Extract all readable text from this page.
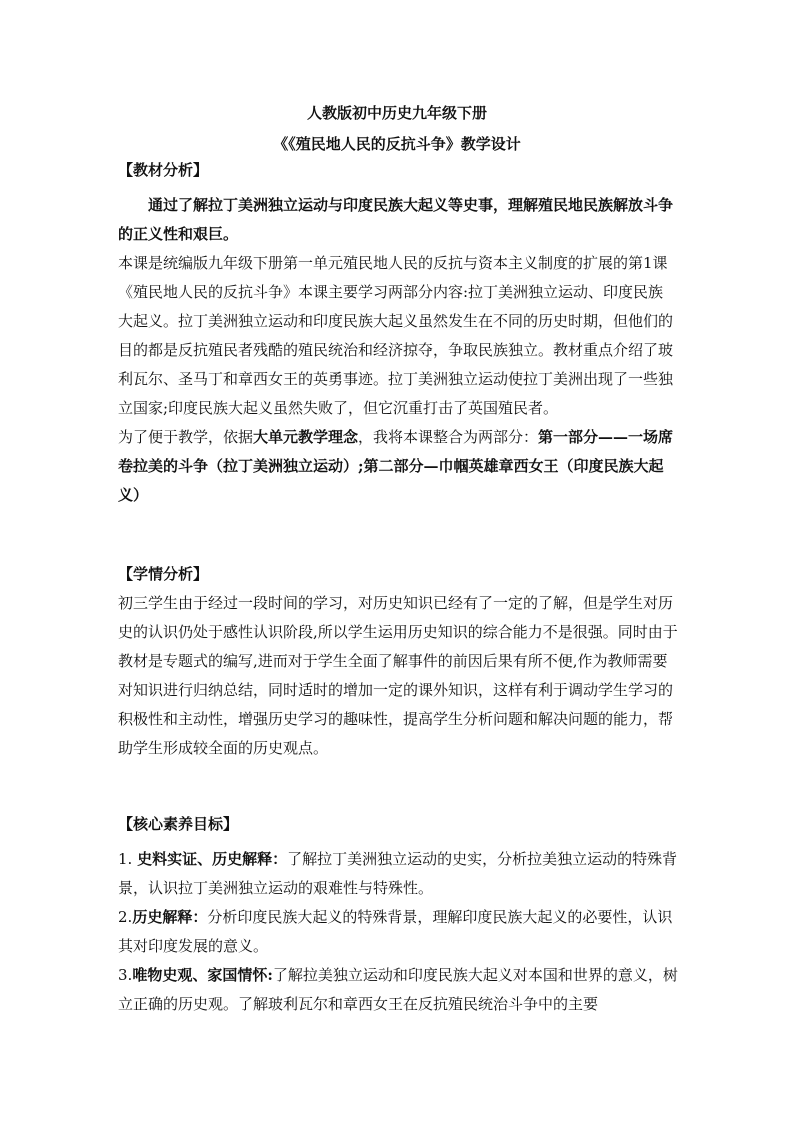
人教版初中历史九年级下册
《《殖民地人民的反抗斗争》教学设计

【教材分析】

通过了解拉丁美洲独立运动与印度民族大起义等史事，理解殖民地民族解放斗争的正义性和艰巨。

本课是统编版九年级下册第一单元殖民地人民的反抗与资本主义制度的扩展的第1课《殖民地人民的反抗斗争》本课主要学习两部分内容:拉丁美洲独立运动、印度民族大起义。拉丁美洲独立运动和印度民族大起义虽然发生在不同的历史时期，但他们的目的都是反抗殖民者残酷的殖民统治和经济掠夺，争取民族独立。教材重点介绍了玻利瓦尔、圣马丁和章西女王的英勇事迹。拉丁美洲独立运动使拉丁美洲出现了一些独立国家;印度民族大起义虽然失败了，但它沉重打击了英国殖民者。

为了便于教学，依据大单元教学理念，我将本课整合为两部分：第一部分——一场席卷拉美的斗争（拉丁美洲独立运动）;第二部分—巾帼英雄章西女王（印度民族大起义）

【学情分析】

初三学生由于经过一段时间的学习，对历史知识已经有了一定的了解，但是学生对历史的认识仍处于感性认识阶段,所以学生运用历史知识的综合能力不是很强。同时由于教材是专题式的编写,进而对于学生全面了解事件的前因后果有所不便,作为教师需要对知识进行归纳总结，同时适时的增加一定的课外知识，这样有利于调动学生学习的积极性和主动性，增强历史学习的趣味性，提高学生分析问题和解决问题的能力，帮助学生形成较全面的历史观点。

【核心素养目标】

1. 史料实证、历史解释：了解拉丁美洲独立运动的史实，分析拉美独立运动的特殊背景，认识拉丁美洲独立运动的艰难性与特殊性。

2.历史解释：分析印度民族大起义的特殊背景，理解印度民族大起义的必要性，认识其对印度发展的意义。

3.唯物史观、家国情怀:了解拉美独立运动和印度民族大起义对本国和世界的意义，树立正确的历史观。了解玻利瓦尔和章西女王在反抗殖民统治斗争中的主要
